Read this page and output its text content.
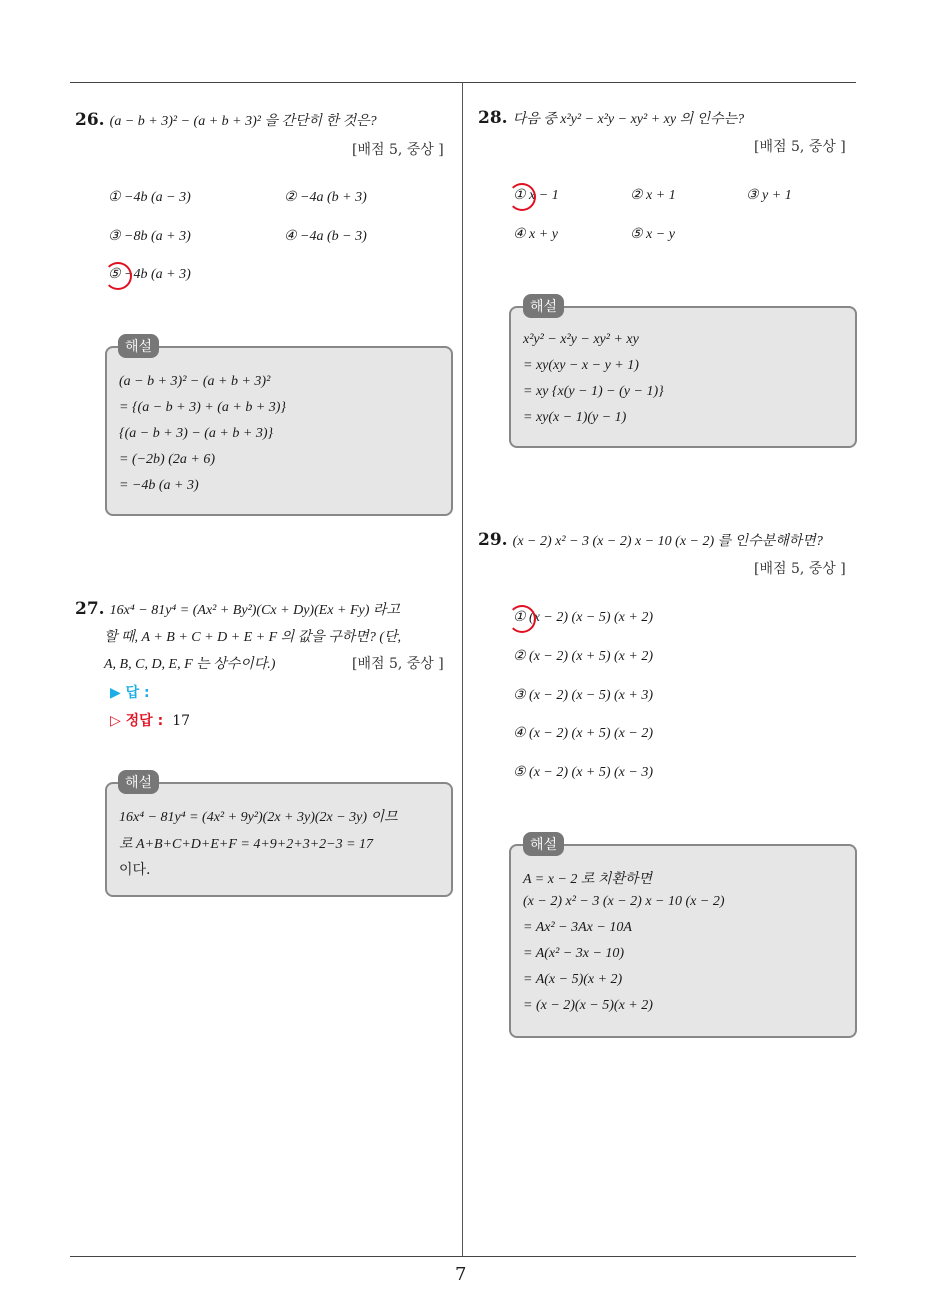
7
26. (a − b + 3)² − (a + b + 3)² 을 간단히 한 것은?
[배점 5, 중상 ]
① −4b (a − 3)	② −4a (b + 3)
③ −8b (a + 3)	④ −4a (b − 3)
⑤ −4b (a + 3)
(a − b + 3)² − (a + b + 3)²
= {(a − b + 3) + (a + b + 3)}
{(a − b + 3) − (a + b + 3)}
= (−2b) (2a + 6)
= −4b (a + 3)
해설
27. 16x⁴ − 81y⁴ = (Ax² + By²)(Cx + Dy)(Ex + Fy) 라고
할 때, A + B + C + D + E + F 의 값을 구하면? (단,
A, B, C, D, E, F 는 상수이다.)	[배점 5, 중상 ]
▶ 답 :
▷ 정답 : 17
16x⁴ − 81y⁴ = (4x² + 9y²)(2x + 3y)(2x − 3y) 이므
로 A+B+C+D+E+F = 4+9+2+3+2−3 = 17
이다.
해설
28. 다음 중 x²y² − x²y − xy² + xy 의 인수는?
[배점 5, 중상 ]
① x − 1	② x + 1	③ y + 1
④ x + y	⑤ x − y
x²y² − x²y − xy² + xy
= xy(xy − x − y + 1)
= xy {x(y − 1) − (y − 1)}
= xy(x − 1)(y − 1)
해설
29. (x − 2) x² − 3 (x − 2) x − 10 (x − 2) 를 인수분해하면?
[배점 5, 중상 ]
① (x − 2) (x − 5) (x + 2)
② (x − 2) (x + 5) (x + 2)
③ (x − 2) (x − 5) (x + 3)
④ (x − 2) (x + 5) (x − 2)
⑤ (x − 2) (x + 5) (x − 3)
A = x − 2 로 치환하면
(x − 2) x² − 3 (x − 2) x − 10 (x − 2)
= Ax² − 3Ax − 10A
= A(x² − 3x − 10)
= A(x − 5)(x + 2)
= (x − 2)(x − 5)(x + 2)
해설
